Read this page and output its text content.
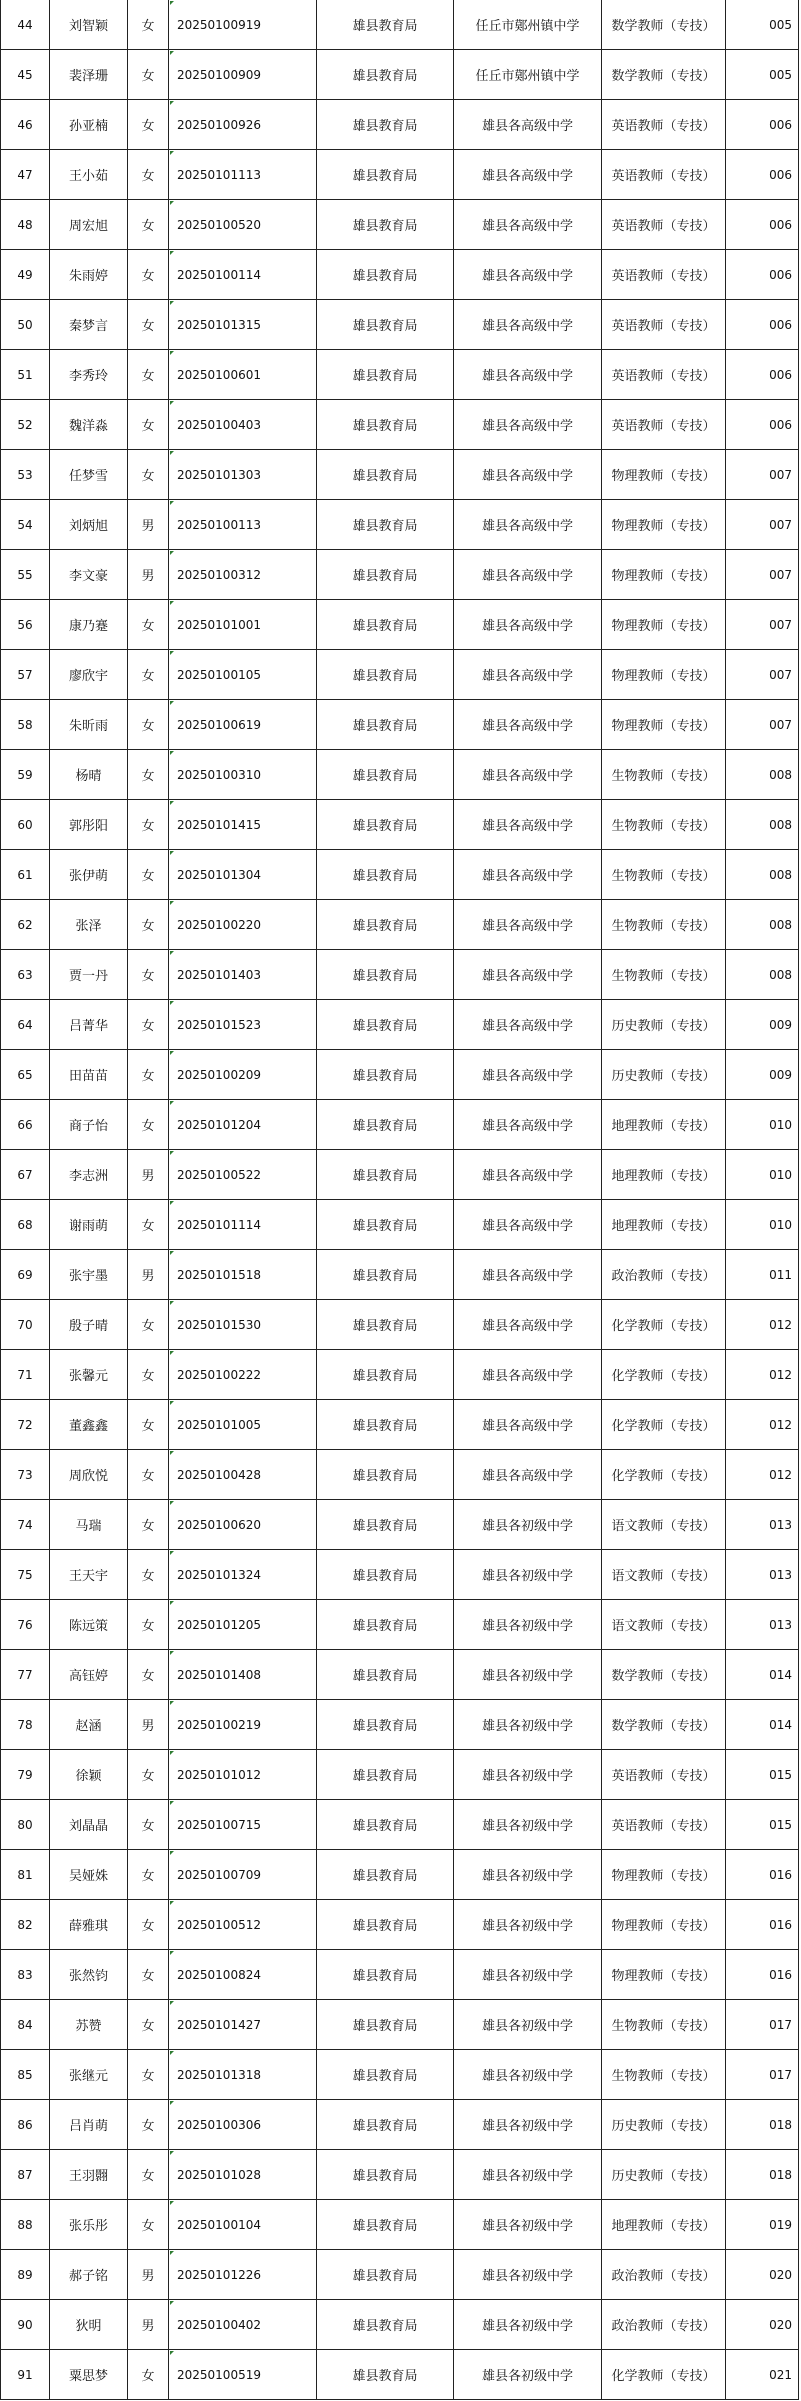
44	刘智颖	女	20250100919	雄县教育局	任丘市鄚州镇中学	数学教师（专技）	005
45	裴泽珊	女	20250100909	雄县教育局	任丘市鄚州镇中学	数学教师（专技）	005
46	孙亚楠	女	20250100926	雄县教育局	雄县各高级中学	英语教师（专技）	006
47	王小茹	女	20250101113	雄县教育局	雄县各高级中学	英语教师（专技）	006
48	周宏旭	女	20250100520	雄县教育局	雄县各高级中学	英语教师（专技）	006
49	朱雨婷	女	20250100114	雄县教育局	雄县各高级中学	英语教师（专技）	006
50	秦梦言	女	20250101315	雄县教育局	雄县各高级中学	英语教师（专技）	006
51	李秀玲	女	20250100601	雄县教育局	雄县各高级中学	英语教师（专技）	006
52	魏洋淼	女	20250100403	雄县教育局	雄县各高级中学	英语教师（专技）	006
53	任梦雪	女	20250101303	雄县教育局	雄县各高级中学	物理教师（专技）	007
54	刘炳旭	男	20250100113	雄县教育局	雄县各高级中学	物理教师（专技）	007
55	李文豪	男	20250100312	雄县教育局	雄县各高级中学	物理教师（专技）	007
56	康乃蹇	女	20250101001	雄县教育局	雄县各高级中学	物理教师（专技）	007
57	廖欣宇	女	20250100105	雄县教育局	雄县各高级中学	物理教师（专技）	007
58	朱昕雨	女	20250100619	雄县教育局	雄县各高级中学	物理教师（专技）	007
59	杨晴	女	20250100310	雄县教育局	雄县各高级中学	生物教师（专技）	008
60	郭彤阳	女	20250101415	雄县教育局	雄县各高级中学	生物教师（专技）	008
61	张伊萌	女	20250101304	雄县教育局	雄县各高级中学	生物教师（专技）	008
62	张泽	女	20250100220	雄县教育局	雄县各高级中学	生物教师（专技）	008
63	贾一丹	女	20250101403	雄县教育局	雄县各高级中学	生物教师（专技）	008
64	吕菁华	女	20250101523	雄县教育局	雄县各高级中学	历史教师（专技）	009
65	田苗苗	女	20250100209	雄县教育局	雄县各高级中学	历史教师（专技）	009
66	商子怡	女	20250101204	雄县教育局	雄县各高级中学	地理教师（专技）	010
67	李志洲	男	20250100522	雄县教育局	雄县各高级中学	地理教师（专技）	010
68	谢雨萌	女	20250101114	雄县教育局	雄县各高级中学	地理教师（专技）	010
69	张宇墨	男	20250101518	雄县教育局	雄县各高级中学	政治教师（专技）	011
70	殷子晴	女	20250101530	雄县教育局	雄县各高级中学	化学教师（专技）	012
71	张馨元	女	20250100222	雄县教育局	雄县各高级中学	化学教师（专技）	012
72	董鑫鑫	女	20250101005	雄县教育局	雄县各高级中学	化学教师（专技）	012
73	周欣悦	女	20250100428	雄县教育局	雄县各高级中学	化学教师（专技）	012
74	马瑞	女	20250100620	雄县教育局	雄县各初级中学	语文教师（专技）	013
75	王天宇	女	20250101324	雄县教育局	雄县各初级中学	语文教师（专技）	013
76	陈远策	女	20250101205	雄县教育局	雄县各初级中学	语文教师（专技）	013
77	高钰婷	女	20250101408	雄县教育局	雄县各初级中学	数学教师（专技）	014
78	赵涵	男	20250100219	雄县教育局	雄县各初级中学	数学教师（专技）	014
79	徐颖	女	20250101012	雄县教育局	雄县各初级中学	英语教师（专技）	015
80	刘晶晶	女	20250100715	雄县教育局	雄县各初级中学	英语教师（专技）	015
81	吴娅姝	女	20250100709	雄县教育局	雄县各初级中学	物理教师（专技）	016
82	薛雅琪	女	20250100512	雄县教育局	雄县各初级中学	物理教师（专技）	016
83	张然钧	女	20250100824	雄县教育局	雄县各初级中学	物理教师（专技）	016
84	苏赞	女	20250101427	雄县教育局	雄县各初级中学	生物教师（专技）	017
85	张继元	女	20250101318	雄县教育局	雄县各初级中学	生物教师（专技）	017
86	吕肖萌	女	20250100306	雄县教育局	雄县各初级中学	历史教师（专技）	018
87	王羽翾	女	20250101028	雄县教育局	雄县各初级中学	历史教师（专技）	018
88	张乐彤	女	20250100104	雄县教育局	雄县各初级中学	地理教师（专技）	019
89	郝子铭	男	20250101226	雄县教育局	雄县各初级中学	政治教师（专技）	020
90	狄明	男	20250100402	雄县教育局	雄县各初级中学	政治教师（专技）	020
91	粟思梦	女	20250100519	雄县教育局	雄县各初级中学	化学教师（专技）	021
